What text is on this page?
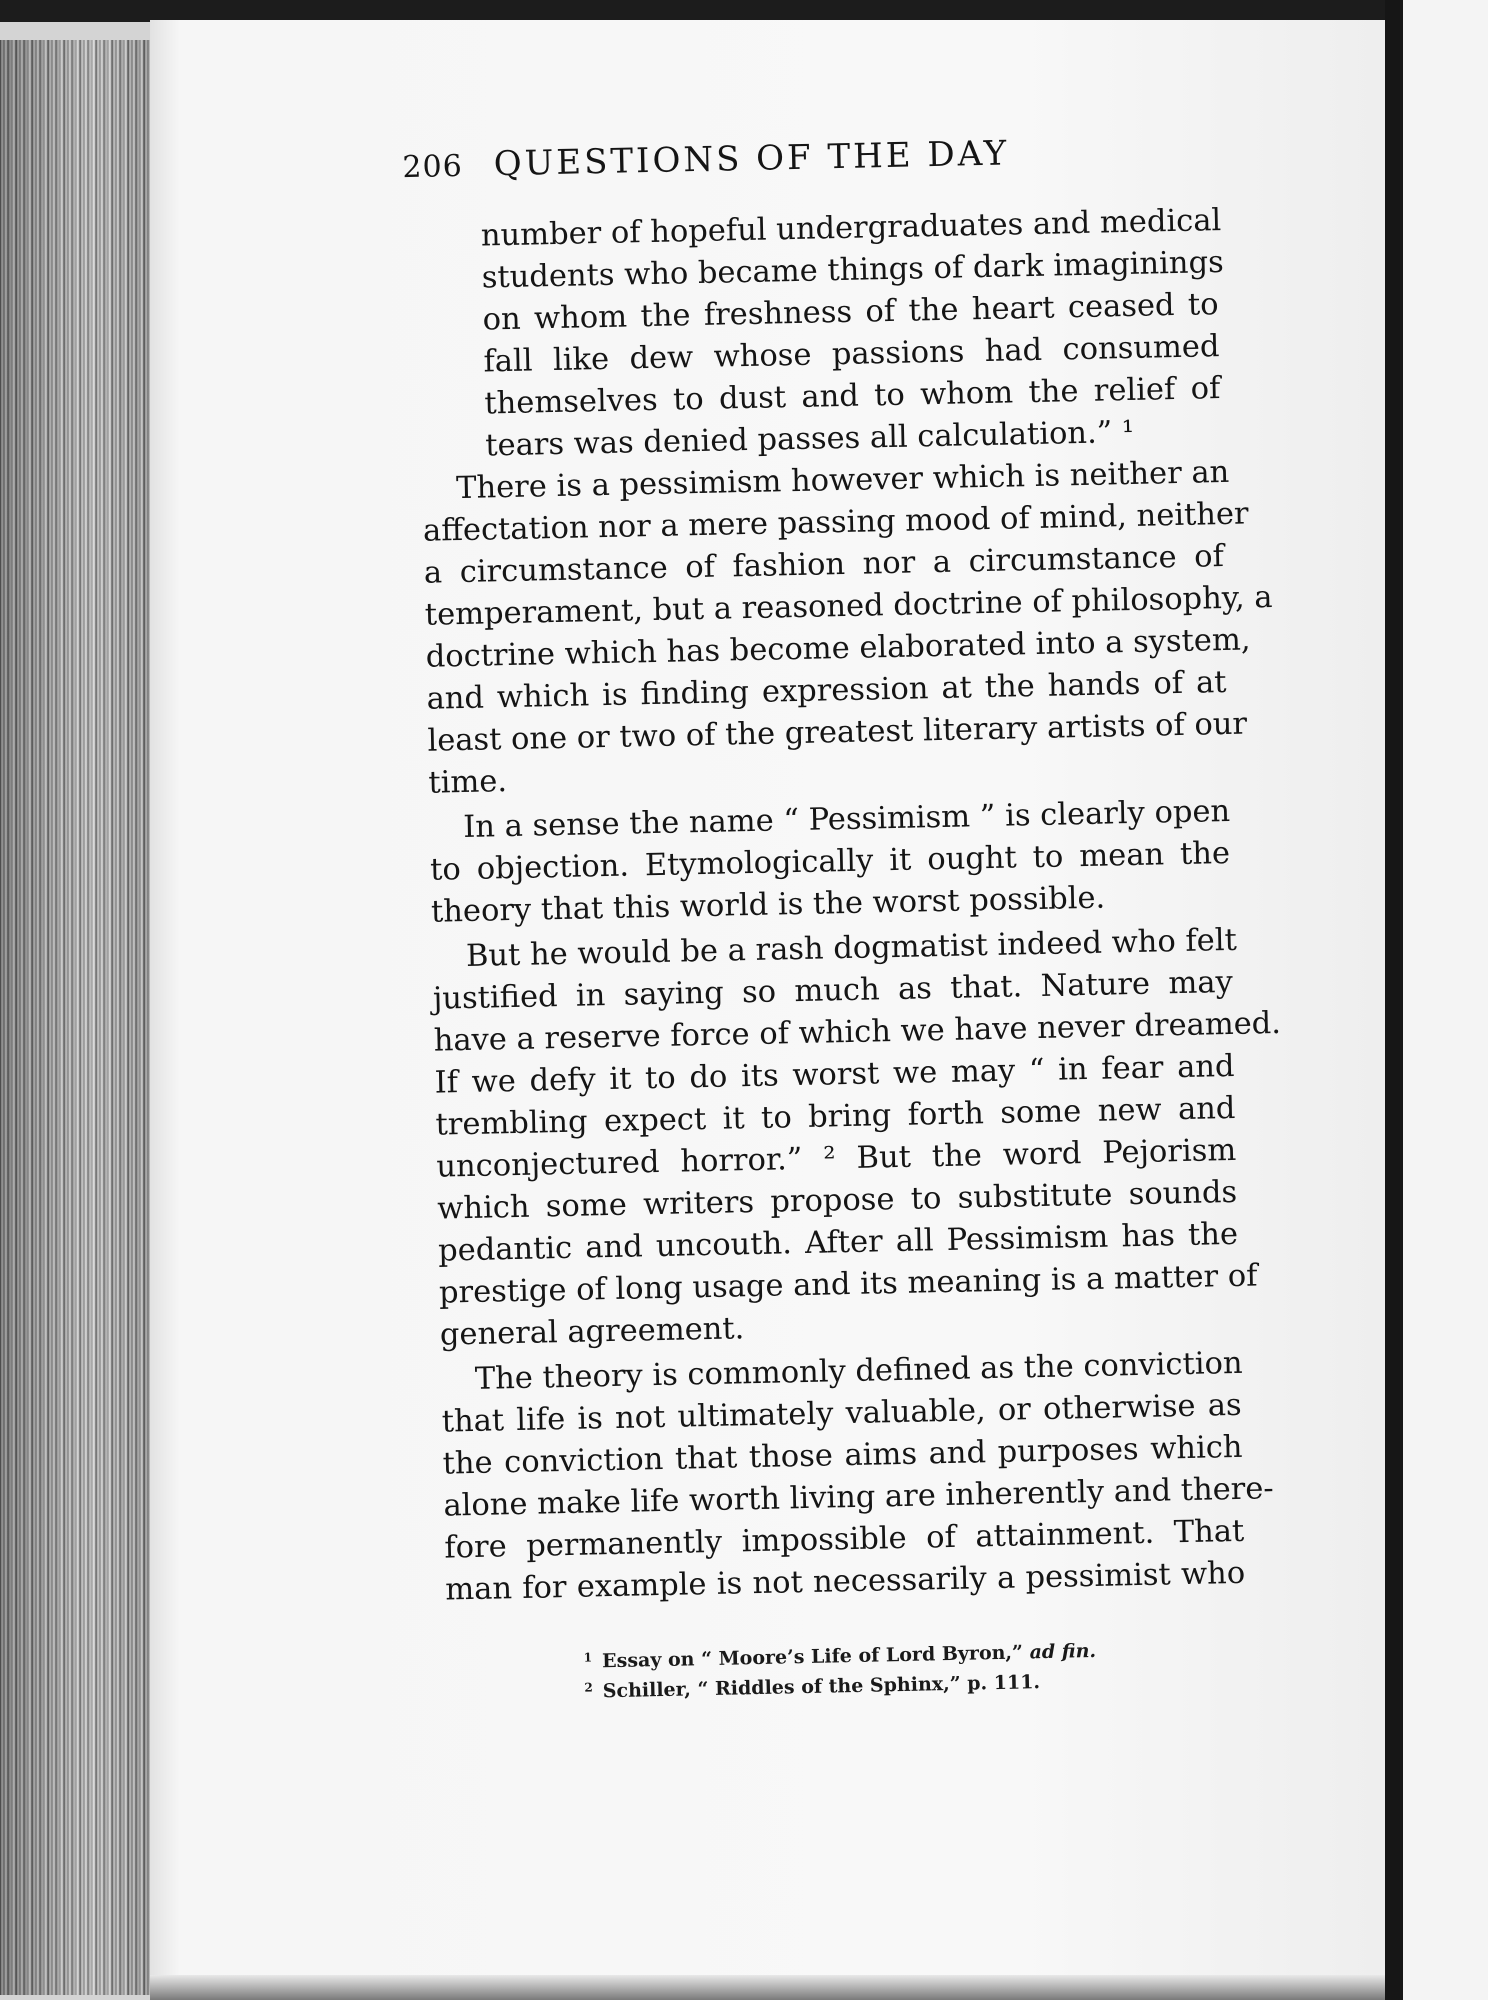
206 QUESTIONS OF THE DAY
number of hopeful undergraduates and medical
students who became things of dark imaginings
on whom the freshness of the heart ceased to
fall like dew whose passions had consumed
themselves to dust and to whom the relief of
tears was denied passes all calculation.” ¹
There is a pessimism however which is neither an
affectation nor a mere passing mood of mind, neither
a circumstance of fashion nor a circumstance of
temperament, but a reasoned doctrine of philosophy, a
doctrine which has become elaborated into a system,
and which is finding expression at the hands of at
least one or two of the greatest literary artists of our
time.
In a sense the name “ Pessimism ” is clearly open
to objection. Etymologically it ought to mean the
theory that this world is the worst possible.
But he would be a rash dogmatist indeed who felt
justified in saying so much as that. Nature may
have a reserve force of which we have never dreamed.
If we defy it to do its worst we may “ in fear and
trembling expect it to bring forth some new and
unconjectured horror.” ² But the word Pejorism
which some writers propose to substitute sounds
pedantic and uncouth. After all Pessimism has the
prestige of long usage and its meaning is a matter of
general agreement.
The theory is commonly defined as the conviction
that life is not ultimately valuable, or otherwise as
the conviction that those aims and purposes which
alone make life worth living are inherently and there-
fore permanently impossible of attainment. That
man for example is not necessarily a pessimist who
$^1$ Essay on “ Moore’s Life of Lord Byron,” ad fin.
$^2$ Schiller, “ Riddles of the Sphinx,” p. 111.
